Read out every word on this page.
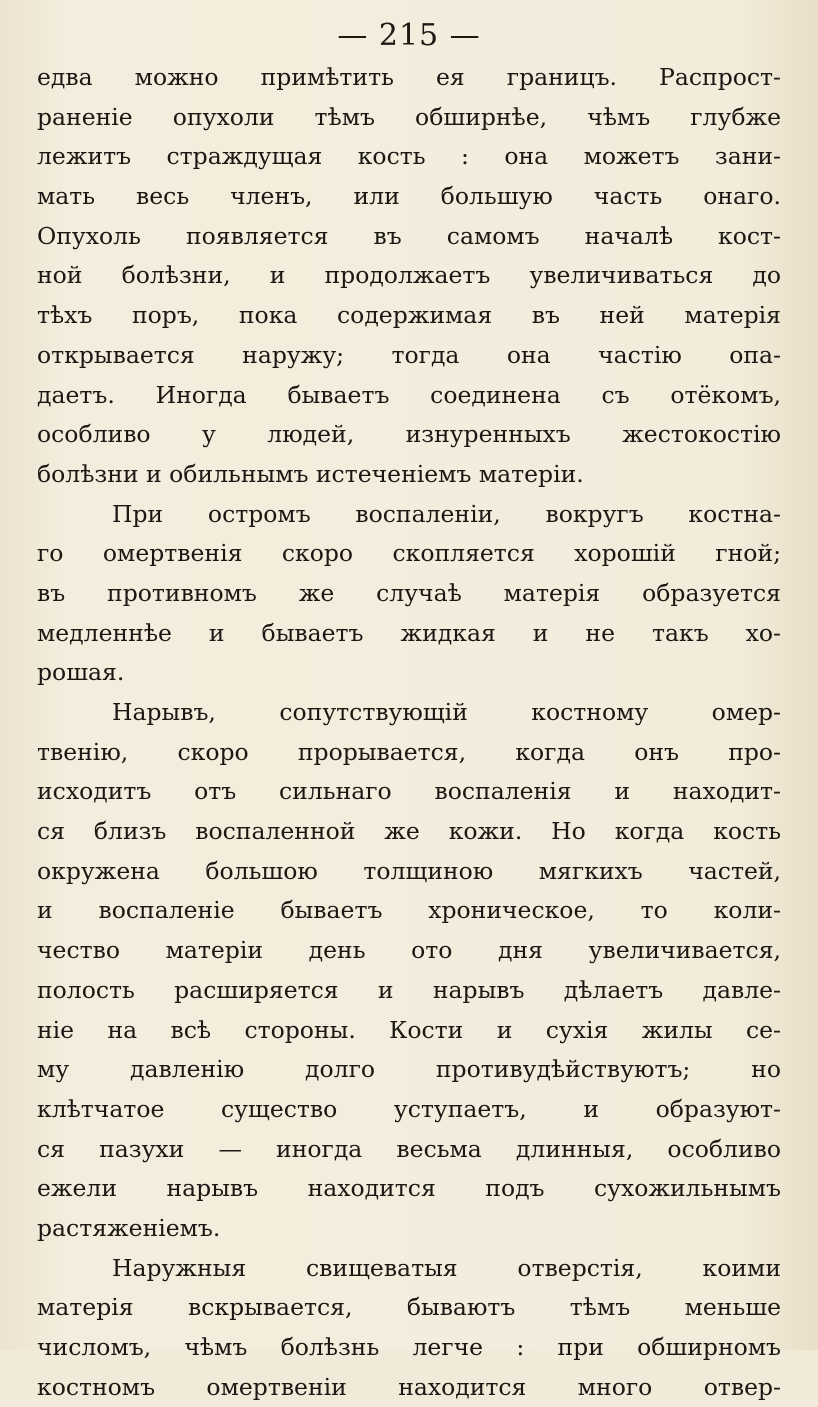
— 215 —
едва можно примѣтить ея границъ. Распрост-
раненіе опухоли тѣмъ обширнѣе, чѣмъ глубже
лежитъ страждущая кость : она можетъ зани-
мать весь членъ, или большую часть онаго.
Опухоль появляется въ самомъ началѣ кост-
ной болѣзни, и продолжаетъ увеличиваться до
тѣхъ поръ, пока содержимая въ ней матерія
открывается наружу; тогда она частію опа-
даетъ. Иногда бываетъ соединена съ отёкомъ,
особливо у людей, изнуренныхъ жестокостію
болѣзни и обильнымъ истеченіемъ матеріи.
При остромъ воспаленіи, вокругъ костна-
го омертвенія скоро скопляется хорошій гной;
въ противномъ же случаѣ матерія образуется
медленнѣе и бываетъ жидкая и не такъ хо-
рошая.
Нарывъ, сопутствующій костному омер-
твенію, скоро прорывается, когда онъ про-
исходитъ отъ сильнаго воспаленія и находит-
ся близъ воспаленной же кожи. Но когда кость
окружена большою толщиною мягкихъ частей,
и воспаленіе бываетъ хроническое, то коли-
чество матеріи день ото дня увеличивается,
полость расширяется и нарывъ дѣлаетъ давле-
ніе на всѣ стороны. Кости и сухія жилы се-
му давленію долго противудѣйствуютъ; но
клѣтчатое существо уступаетъ, и образуют-
ся пазухи — иногда весьма длинныя, особливо
ежели нарывъ находится подъ сухожильнымъ
растяженіемъ.
Наружныя свищеватыя отверстія, коими
матерія вскрывается, бываютъ тѣмъ меньше
числомъ, чѣмъ болѣзнь легче : при обширномъ
костномъ омертвеніи находится много отвер-
